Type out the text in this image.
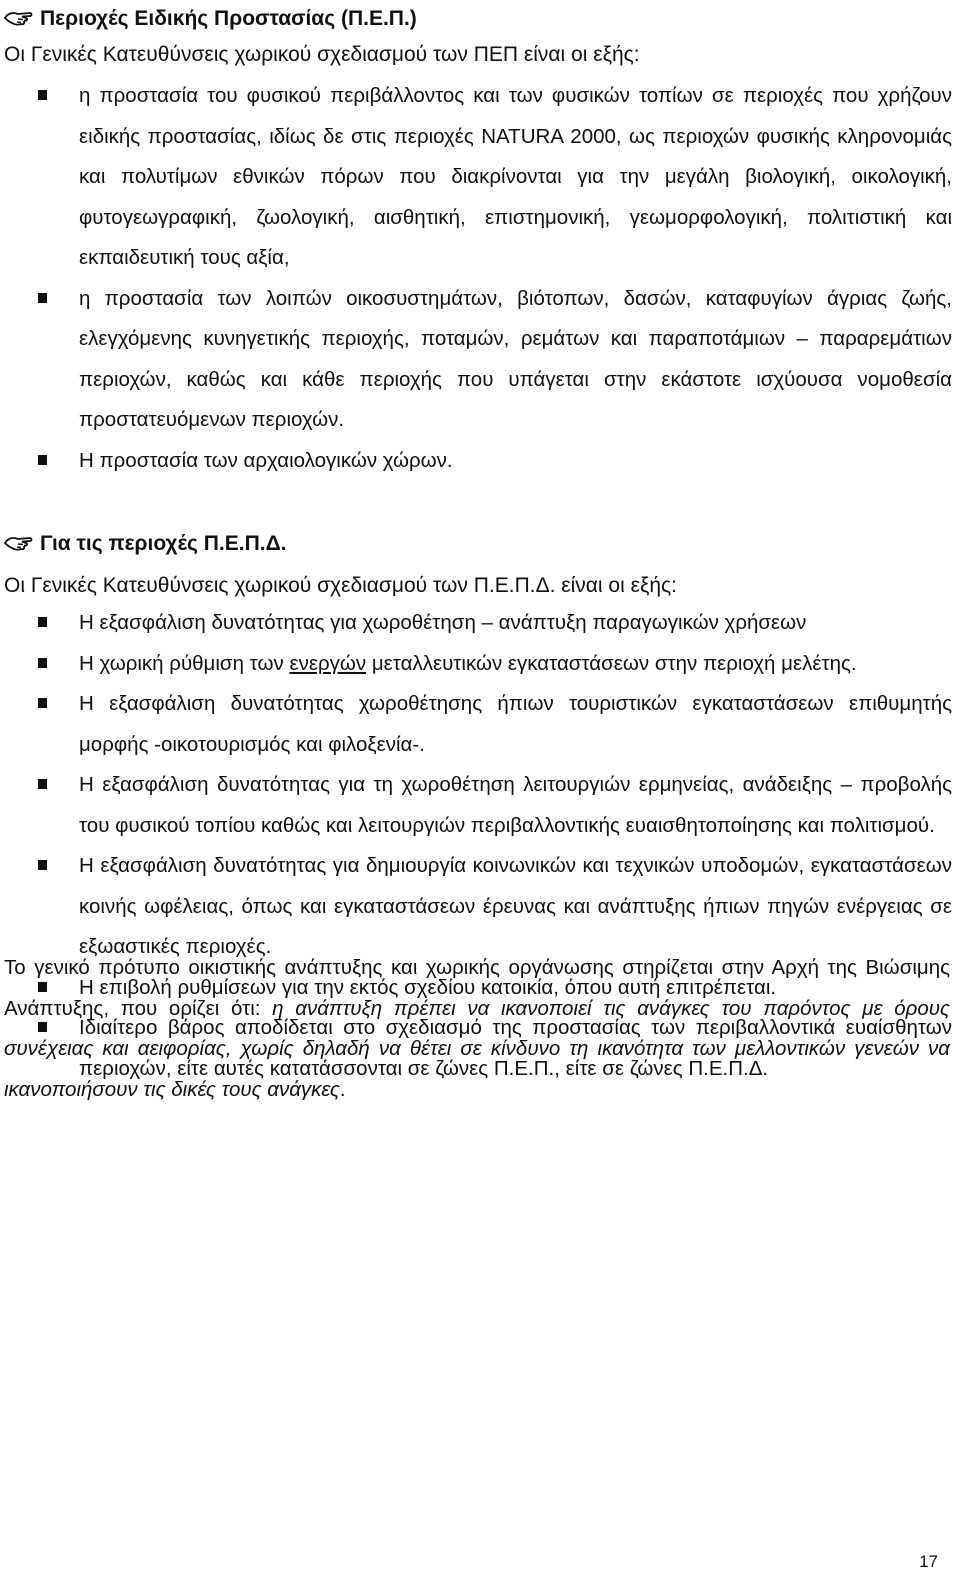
Περιοχές Ειδικής Προστασίας (Π.Ε.Π.)
Οι Γενικές Κατευθύνσεις χωρικού σχεδιασμού των ΠΕΠ είναι οι εξής:
η προστασία του φυσικού περιβάλλοντος και των φυσικών τοπίων σε περιοχές που χρήζουν ειδικής προστασίας, ιδίως δε στις περιοχές NATURA 2000, ως περιοχών φυσικής κληρονομιάς και πολυτίμων εθνικών πόρων που διακρίνονται για την μεγάλη βιολογική, οικολογική, φυτογεωγραφική, ζωολογική, αισθητική, επιστημονική, γεωμορφολογική, πολιτιστική και εκπαιδευτική τους αξία,
η προστασία των λοιπών οικοσυστημάτων, βιότοπων, δασών, καταφυγίων άγριας ζωής, ελεγχόμενης κυνηγετικής περιοχής, ποταμών, ρεμάτων και παραποτάμιων – παραρεμάτιων περιοχών, καθώς και κάθε περιοχής που υπάγεται στην εκάστοτε ισχύουσα νομοθεσία προστατευόμενων περιοχών.
Η προστασία των αρχαιολογικών χώρων.
Για τις περιοχές Π.Ε.Π.Δ.
Οι Γενικές Κατευθύνσεις χωρικού σχεδιασμού των Π.Ε.Π.Δ. είναι οι εξής:
Η εξασφάλιση δυνατότητας για χωροθέτηση – ανάπτυξη παραγωγικών χρήσεων
Η χωρική ρύθμιση των ενεργών μεταλλευτικών εγκαταστάσεων στην περιοχή μελέτης.
Η εξασφάλιση δυνατότητας χωροθέτησης ήπιων τουριστικών εγκαταστάσεων επιθυμητής μορφής -οικοτουρισμός και φιλοξενία-.
Η εξασφάλιση δυνατότητας για τη χωροθέτηση λειτουργιών ερμηνείας, ανάδειξης – προβολής του φυσικού τοπίου καθώς και λειτουργιών περιβαλλοντικής ευαισθητοποίησης και πολιτισμού.
Η εξασφάλιση δυνατότητας για δημιουργία κοινωνικών και τεχνικών υποδομών, εγκαταστάσεων κοινής ωφέλειας, όπως και εγκαταστάσεων έρευνας και ανάπτυξης ήπιων πηγών ενέργειας σε εξωαστικές περιοχές.
Η επιβολή ρυθμίσεων για την εκτός σχεδίου κατοικία, όπου αυτή επιτρέπεται.
Ιδιαίτερο βάρος αποδίδεται στο σχεδιασμό της προστασίας των περιβαλλοντικά ευαίσθητων περιοχών, είτε αυτές κατατάσσονται σε ζώνες Π.Ε.Π., είτε σε ζώνες Π.Ε.Π.Δ.

Το γενικό πρότυπο οικιστικής ανάπτυξης και χωρικής οργάνωσης στηρίζεται στην Αρχή της Βιώσιμης Ανάπτυξης, που ορίζει ότι: η ανάπτυξη πρέπει να ικανοποιεί τις ανάγκες του παρόντος με όρους συνέχειας και αειφορίας, χωρίς δηλαδή να θέτει σε κίνδυνο τη ικανότητα των μελλοντικών γενεών να ικανοποιήσουν τις δικές τους ανάγκες.

17
